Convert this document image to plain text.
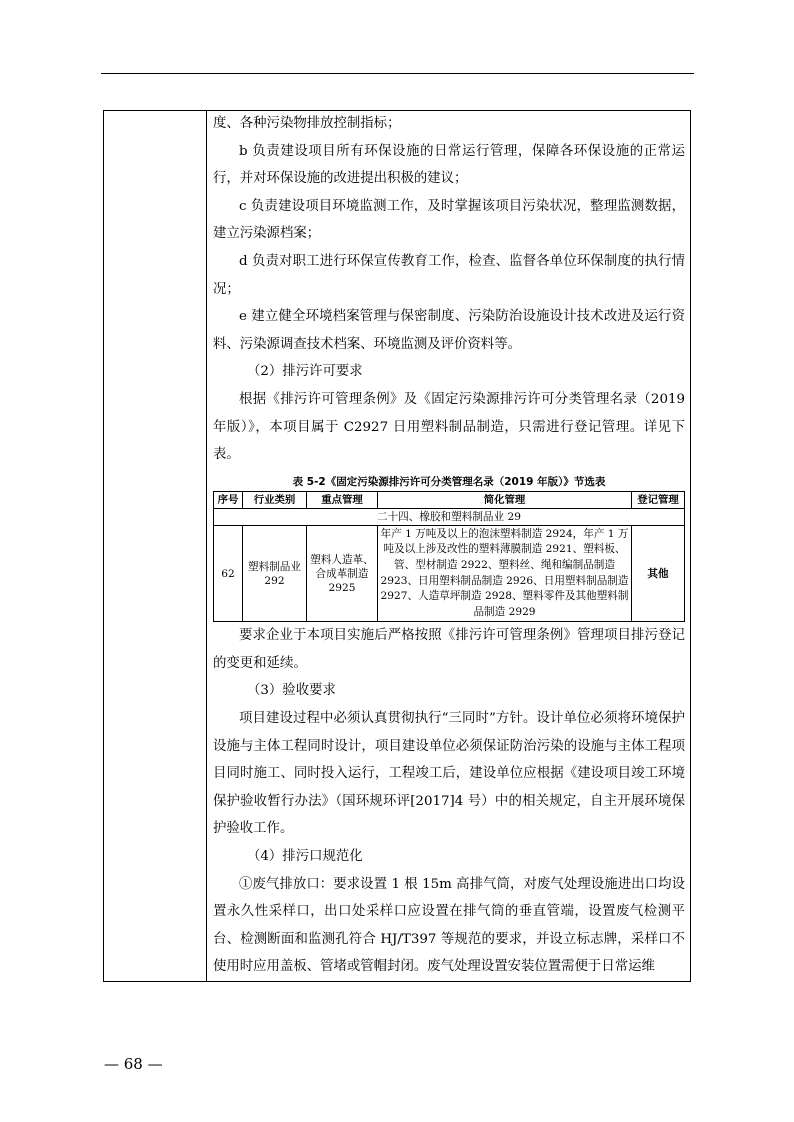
度、各种污染物排放控制指标；

b 负责建设项目所有环保设施的日常运行管理，保障各环保设施的正常运行，并对环保设施的改进提出积极的建议；

c 负责建设项目环境监测工作，及时掌握该项目污染状况，整理监测数据，建立污染源档案；

d 负责对职工进行环保宣传教育工作，检查、监督各单位环保制度的执行情况；

e 建立健全环境档案管理与保密制度、污染防治设施设计技术改进及运行资料、污染源调查技术档案、环境监测及评价资料等。

（2）排污许可要求

根据《排污许可管理条例》及《固定污染源排污许可分类管理名录（2019年版）》，本项目属于 C2927 日用塑料制品制造，只需进行登记管理。详见下表。

表 5-2《固定污染源排污许可分类管理名录（2019 年版）》节选表
序号	行业类别	重点管理	简化管理	登记管理
二十四、橡胶和塑料制品业 29				
62	塑料制品业 292	塑料人造革、合成革制造 2925	年产 1 万吨及以上的泡沫塑料制造 2924，年产 1 万吨及以上涉及改性的塑料薄膜制造 2921、塑料板、管、型材制造 2922、塑料丝、绳和编制品制造 2923、日用塑料制品制造 2926、日用塑料制品制造 2927、人造草坪制造 2928、塑料零件及其他塑料制品制造 2929	其他

要求企业于本项目实施后严格按照《排污许可管理条例》管理项目排污登记的变更和延续。

（3）验收要求

项目建设过程中必须认真贯彻执行“三同时”方针。设计单位必须将环境保护设施与主体工程同时设计，项目建设单位必须保证防治污染的设施与主体工程项目同时施工、同时投入运行，工程竣工后，建设单位应根据《建设项目竣工环境保护验收暂行办法》（国环规环评[2017]4 号）中的相关规定，自主开展环境保护验收工作。

（4）排污口规范化

①废气排放口：要求设置 1 根 15m 高排气筒，对废气处理设施进出口均设置永久性采样口，出口处采样口应设置在排气筒的垂直管端，设置废气检测平台、检测断面和监测孔符合 HJ/T397 等规范的要求，并设立标志牌，采样口不使用时应用盖板、管堵或管帽封闭。废气处理设置安装位置需便于日常运维

— 68 —
